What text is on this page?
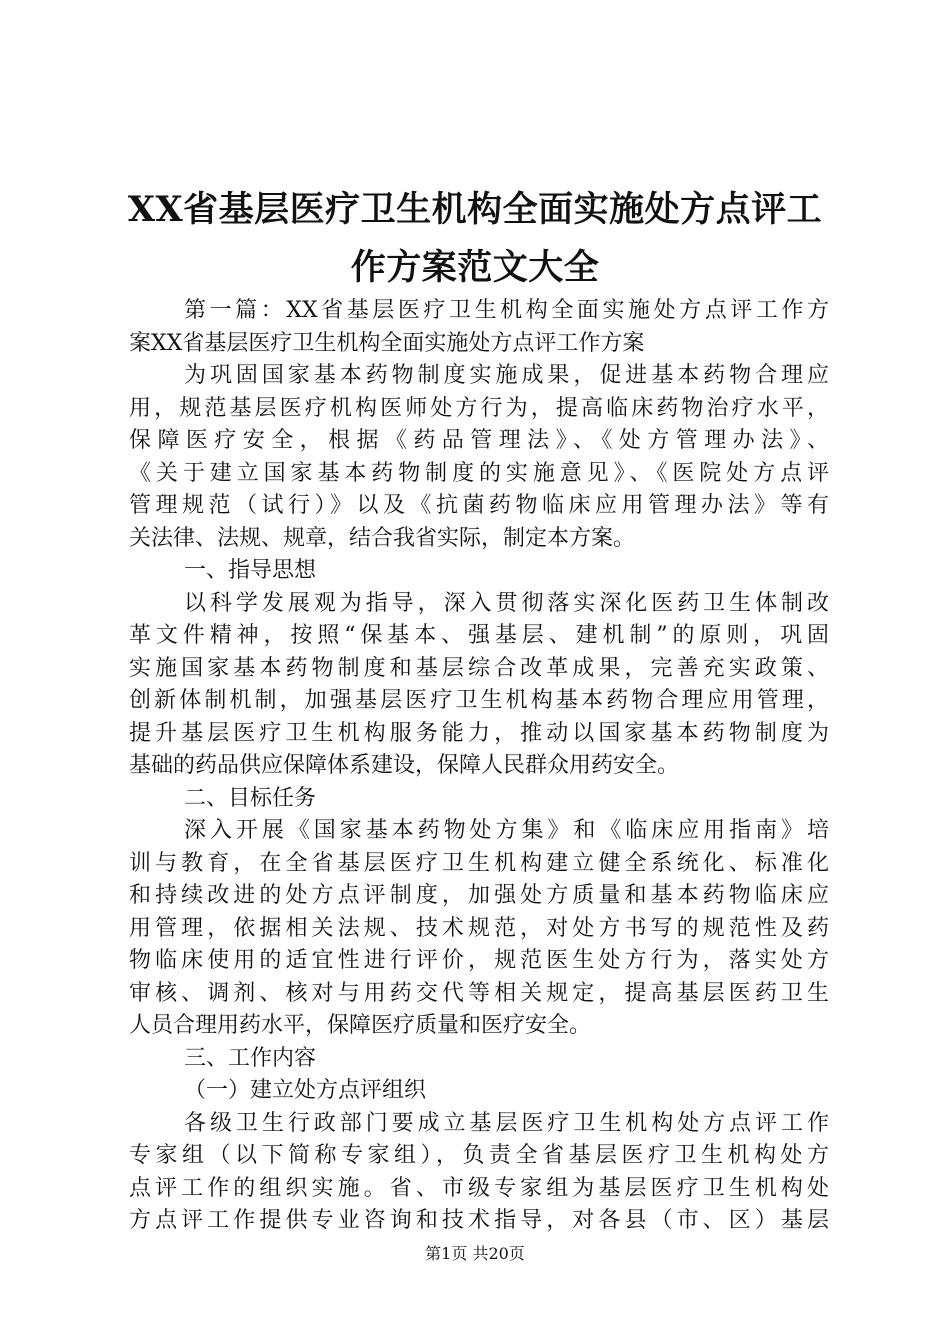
XX省基层医疗卫生机构全面实施处方点评工
作方案范文大全
第一篇：XX省基层医疗卫生机构全面实施处方点评工作方
案XX省基层医疗卫生机构全面实施处方点评工作方案
为巩固国家基本药物制度实施成果，促进基本药物合理应
用，规范基层医疗机构医师处方行为，提高临床药物治疗水平，
保障医疗安全，根据《药品管理法》、《处方管理办法》、
《关于建立国家基本药物制度的实施意见》、《医院处方点评
管理规范（试行）》以及《抗菌药物临床应用管理办法》等有
关法律、法规、规章，结合我省实际，制定本方案。
一、指导思想
以科学发展观为指导，深入贯彻落实深化医药卫生体制改
革文件精神，按照“保基本、强基层、建机制”的原则，巩固
实施国家基本药物制度和基层综合改革成果，完善充实政策、
创新体制机制，加强基层医疗卫生机构基本药物合理应用管理，
提升基层医疗卫生机构服务能力，推动以国家基本药物制度为
基础的药品供应保障体系建设，保障人民群众用药安全。
二、目标任务
深入开展《国家基本药物处方集》和《临床应用指南》培
训与教育，在全省基层医疗卫生机构建立健全系统化、标准化
和持续改进的处方点评制度，加强处方质量和基本药物临床应
用管理，依据相关法规、技术规范，对处方书写的规范性及药
物临床使用的适宜性进行评价，规范医生处方行为，落实处方
审核、调剂、核对与用药交代等相关规定，提高基层医药卫生
人员合理用药水平，保障医疗质量和医疗安全。
三、工作内容
（一）建立处方点评组织
各级卫生行政部门要成立基层医疗卫生机构处方点评工作
专家组（以下简称专家组），负责全省基层医疗卫生机构处方
点评工作的组织实施。省、市级专家组为基层医疗卫生机构处
方点评工作提供专业咨询和技术指导，对各县（市、区）基层
第1页 共20页
